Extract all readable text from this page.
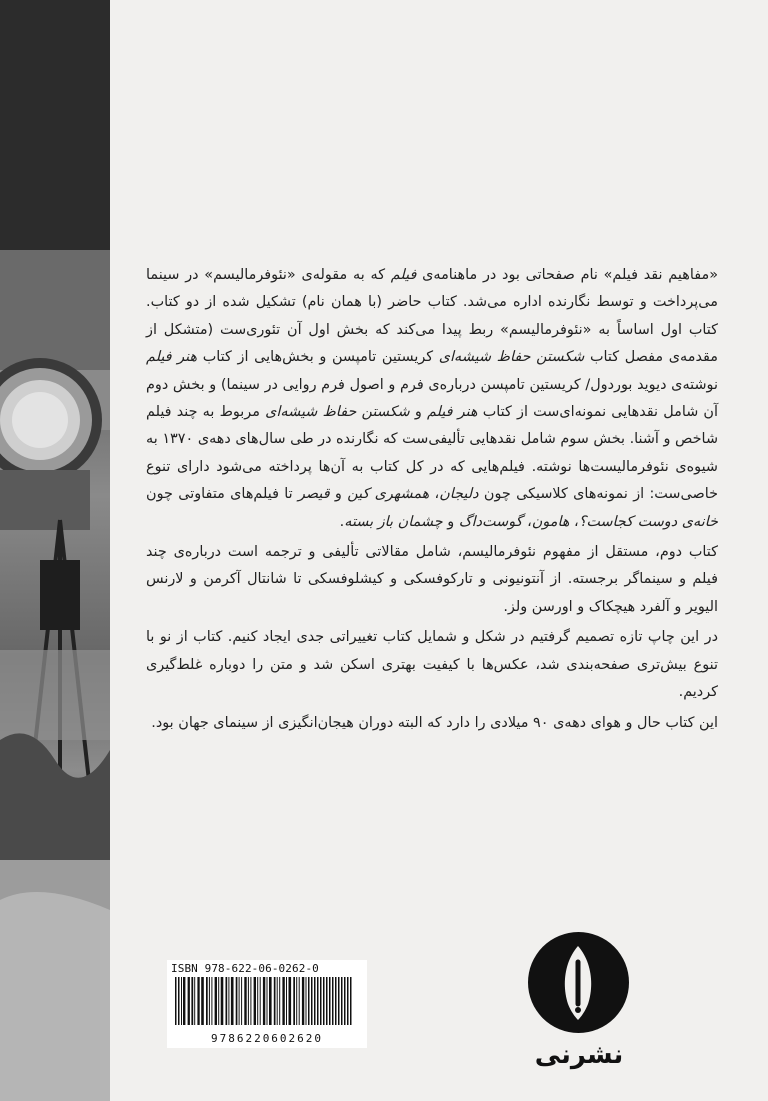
«مفاهیم نقد فیلم» نام صفحاتی بود در ماهنامه‌ی فیلم که به مقوله‌ی «نئوفرمالیسم» در سینما می‌پرداخت و توسط نگارنده اداره می‌شد. کتاب حاضر (با همان نام) تشکیل شده از دو کتاب. کتاب اول اساساً به «نئوفرمالیسم» ربط پیدا می‌کند که بخش اول آن تئوری‌ست (متشکل از مقدمه‌ی مفصل کتاب شکستن حفاظ شیشه‌ای کریستین تامپسن و بخش‌هایی از کتاب هنر فیلم نوشته‌ی دیوید بوردول/ کریستین تامپسن درباره‌ی فرم و اصول فرم روایی در سینما) و بخش دوم آن شامل نقدهایی نمونه‌ای‌ست از کتاب هنر فیلم و شکستن حفاظ شیشه‌ای مربوط به چند فیلم شاخص و آشنا. بخش سوم شامل نقدهایی تألیفی‌ست که نگارنده در طی سال‌های دهه‌ی ۱۳۷۰ به شیوه‌ی نئوفرمالیست‌ها نوشته. فیلم‌هایی که در کل کتاب به آن‌ها پرداخته می‌شود دارای تنوع خاصی‌ست: از نمونه‌های کلاسیکی چون دلیجان، همشهری کین و قیصر تا فیلم‌های متفاوتی چون خانه‌ی دوست کجاست؟، هامون، گوست‌داگ و چشمان باز بسته.

کتاب دوم، مستقل از مفهوم نئوفرمالیسم، شامل مقالاتی تألیفی و ترجمه است درباره‌ی چند فیلم و سینماگر برجسته. از آنتونیونی و تارکوفسکی و کیشلوفسکی تا شانتال آکرمن و لارنس الیویر و آلفرد هیچکاک و اورسن ولز.

در این چاپ تازه تصمیم گرفتیم در شکل و شمایل کتاب تغییراتی جدی ایجاد کنیم. کتاب از نو با تنوع بیش‌تری صفحه‌بندی شد، عکس‌ها با کیفیت بهتری اسکن شد و متن را دوباره غلط‌گیری کردیم.

این کتاب حال و هوای دهه‌ی ۹۰ میلادی را دارد که البته دوران هیجان‌انگیزی از سینمای جهان بود.

ISBN 978-622-06-0262-0
9786220602620
نشرنی
